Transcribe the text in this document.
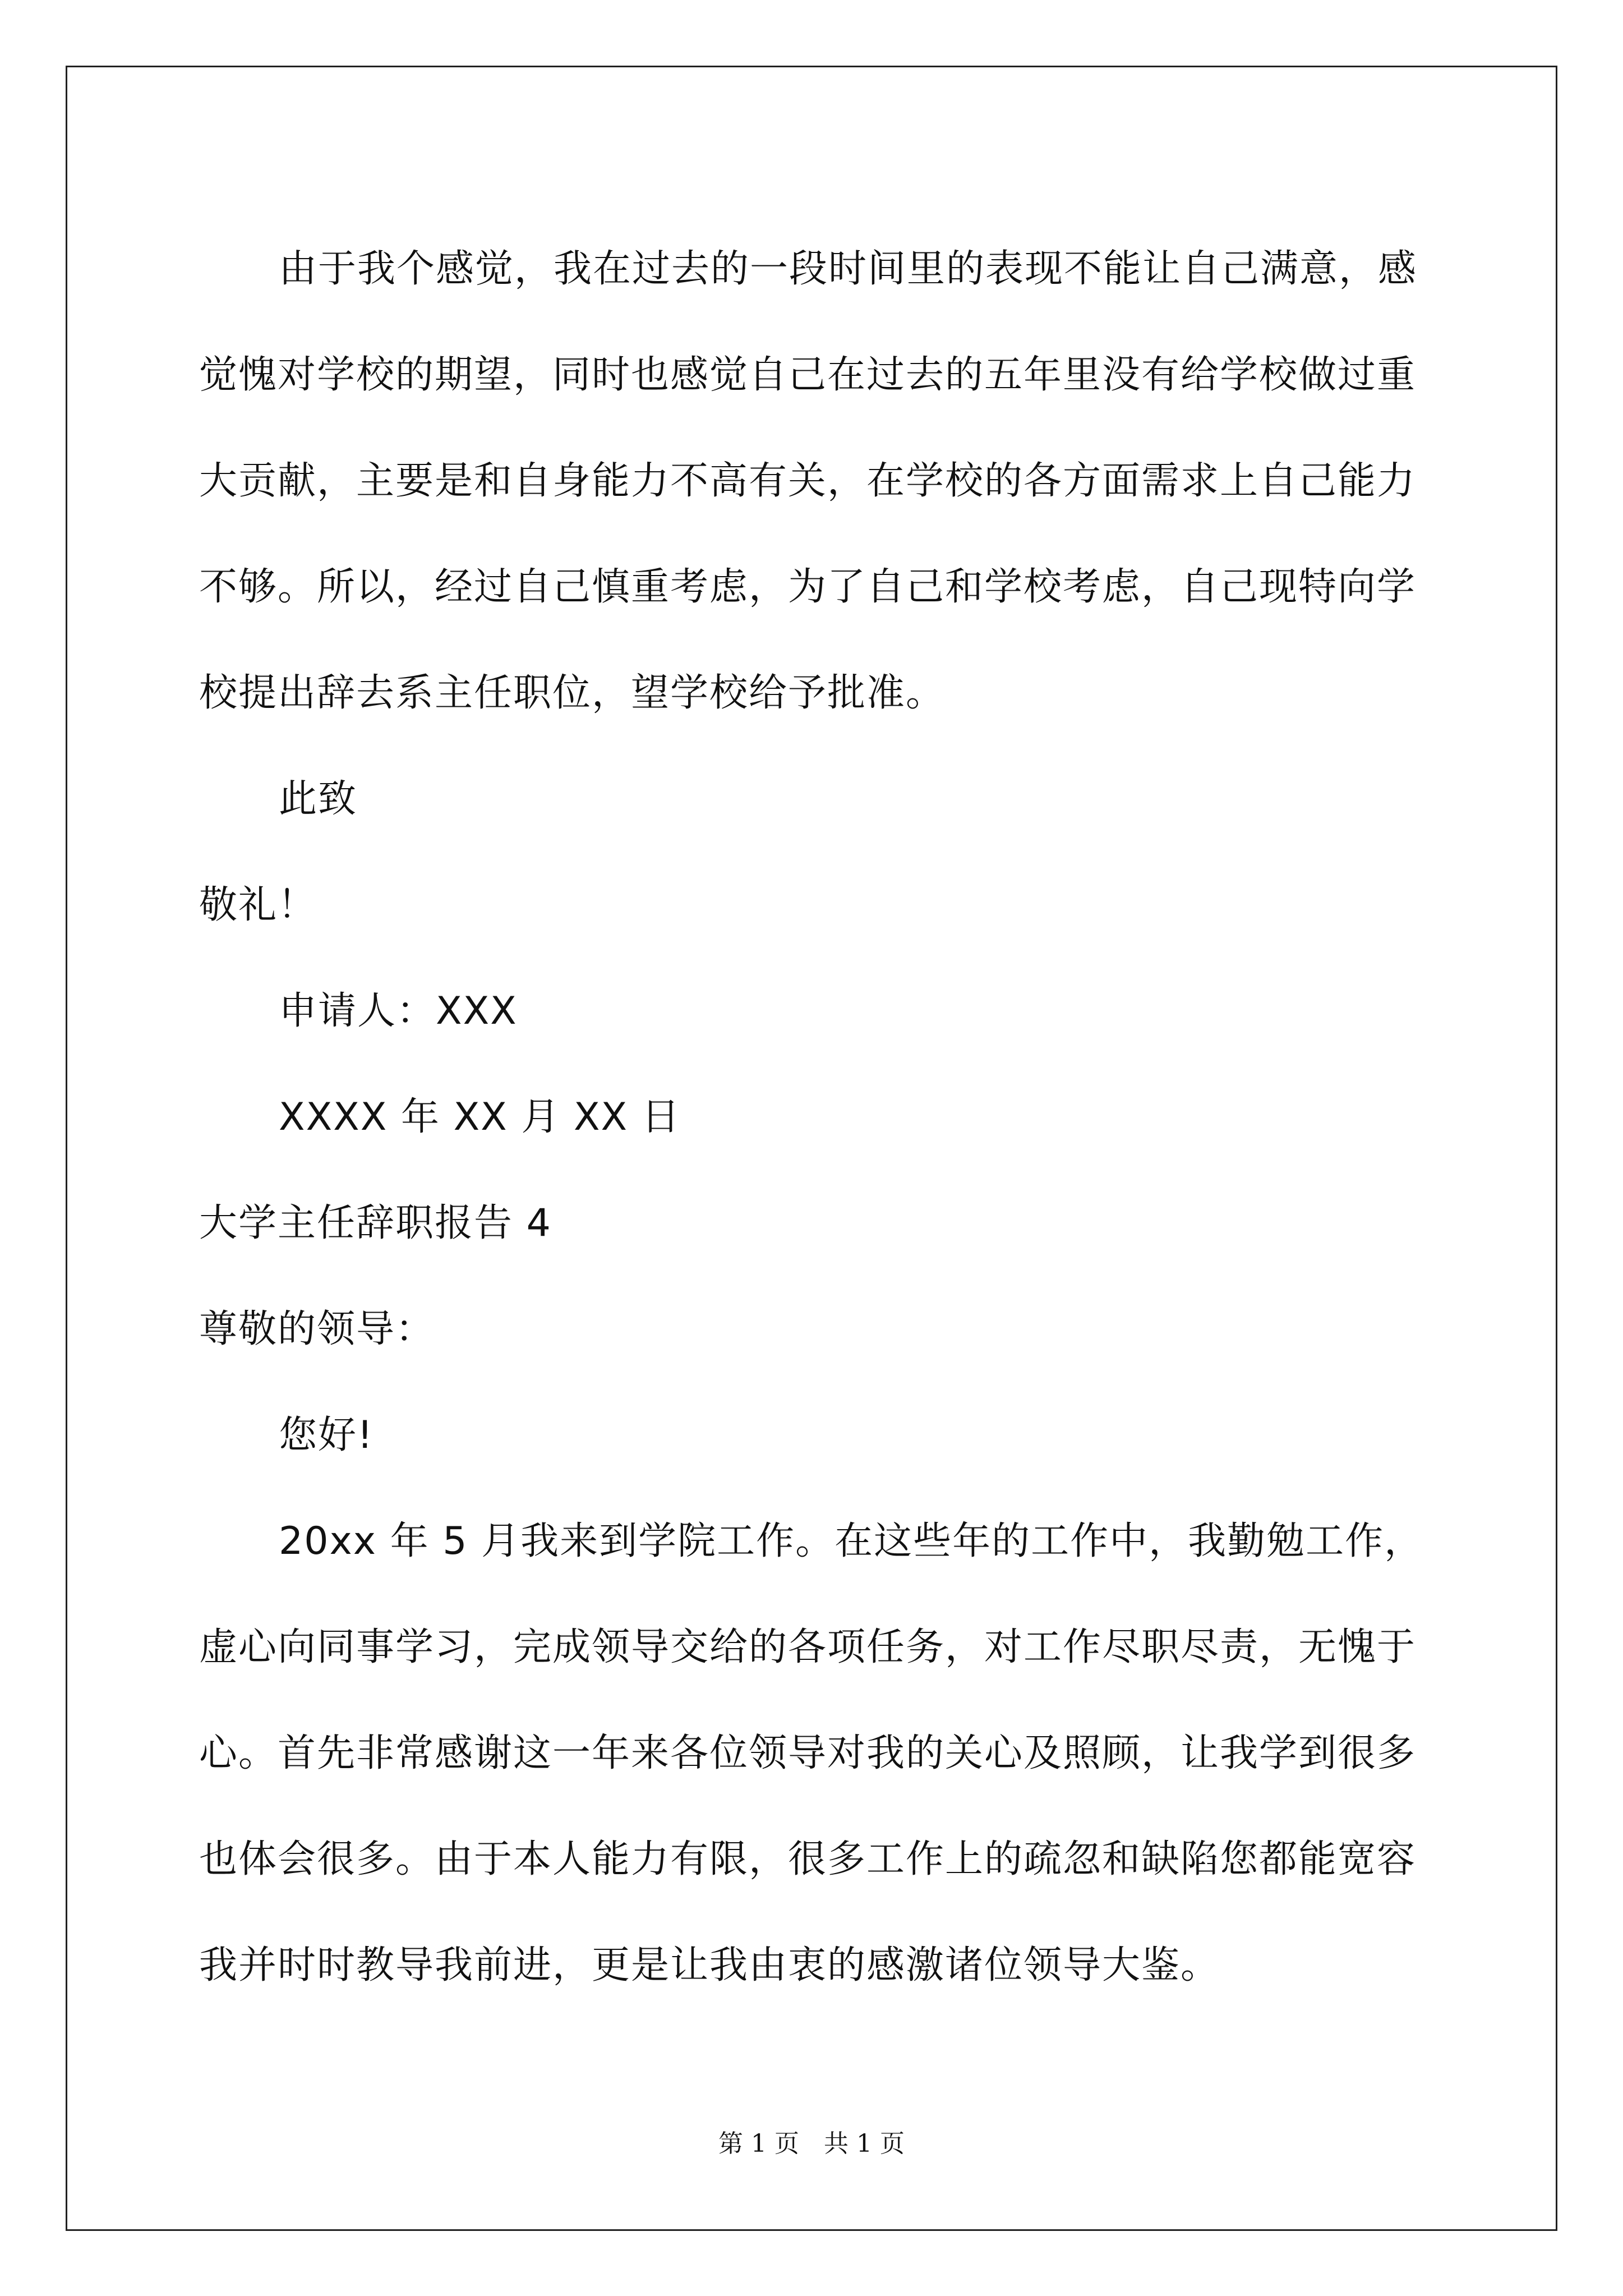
由于我个感觉，我在过去的一段时间里的表现不能让自己满意，感觉愧对学校的期望，同时也感觉自己在过去的五年里没有给学校做过重大贡献，主要是和自身能力不高有关，在学校的各方面需求上自己能力不够。所以，经过自己慎重考虑，为了自己和学校考虑，自己现特向学校提出辞去系主任职位，望学校给予批准。

此致

敬礼！

申请人：XXX

XXXX 年 XX 月 XX 日

大学主任辞职报告 4

尊敬的领导：

您好!

20xx 年 5 月我来到学院工作。在这些年的工作中，我勤勉工作，虚心向同事学习，完成领导交给的各项任务，对工作尽职尽责，无愧于心。首先非常感谢这一年来各位领导对我的关心及照顾，让我学到很多也体会很多。由于本人能力有限，很多工作上的疏忽和缺陷您都能宽容我并时时教导我前进，更是让我由衷的感激诸位领导大鉴。

第 1 页　共 1 页
